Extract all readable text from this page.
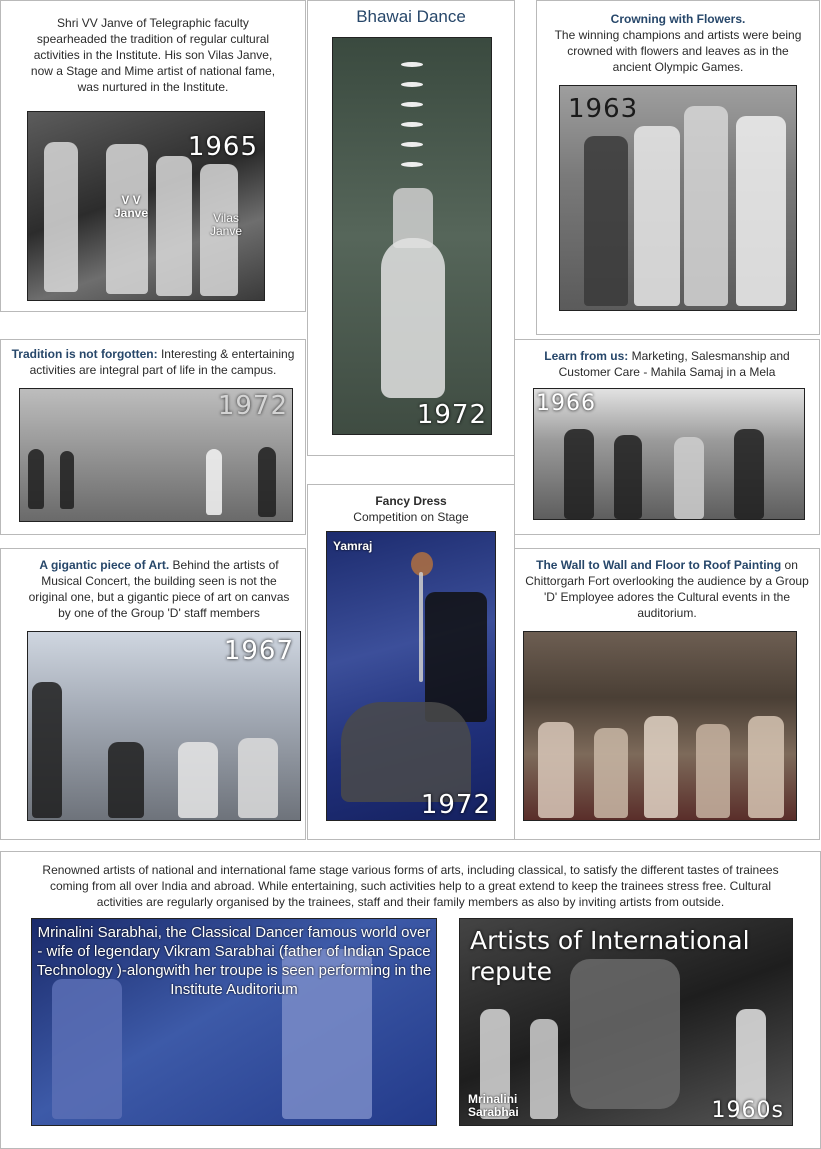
Shri VV Janve of Telegraphic faculty spearheaded the tradition of regular cultural activities in the Institute. His son Vilas Janve, now a Stage and Mime artist of national fame, was nurtured in the Institute.
1965
V V Janve	Vilas Janve
Bhawai Dance
1972
Crowning with Flowers.
The winning champions and artists were being crowned with flowers and leaves as in the ancient Olympic Games.
1963
Tradition is not forgotten: Interesting & entertaining activities are integral part of life in the campus.
1972
Learn from us: Marketing, Salesmanship and Customer Care - Mahila Samaj in a Mela
1966
Fancy Dress
Competition on Stage
Yamraj
1972
A gigantic piece of Art. Behind the artists of Musical Concert, the building seen is not the original one, but a gigantic piece of art on canvas by one of the Group 'D' staff members
1967
The Wall to Wall and Floor to Roof Painting on Chittorgarh Fort overlooking the audience by a Group 'D' Employee adores the Cultural events in the auditorium.
Renowned artists of national and international fame stage various forms of arts, including classical, to satisfy the different tastes of trainees coming from all over India and abroad. While entertaining, such activities help to a great extend to keep the trainees stress free. Cultural activities are regularly organised by the trainees, staff and their family members as also by inviting artists from outside.
Mrinalini Sarabhai, the Classical Dancer famous world over - wife of legendary Vikram Sarabhai (father of Indian Space Technology )-alongwith her troupe is seen performing in the Institute Auditorium
Artists of International repute
Mrinalini Sarabhai	1960s
